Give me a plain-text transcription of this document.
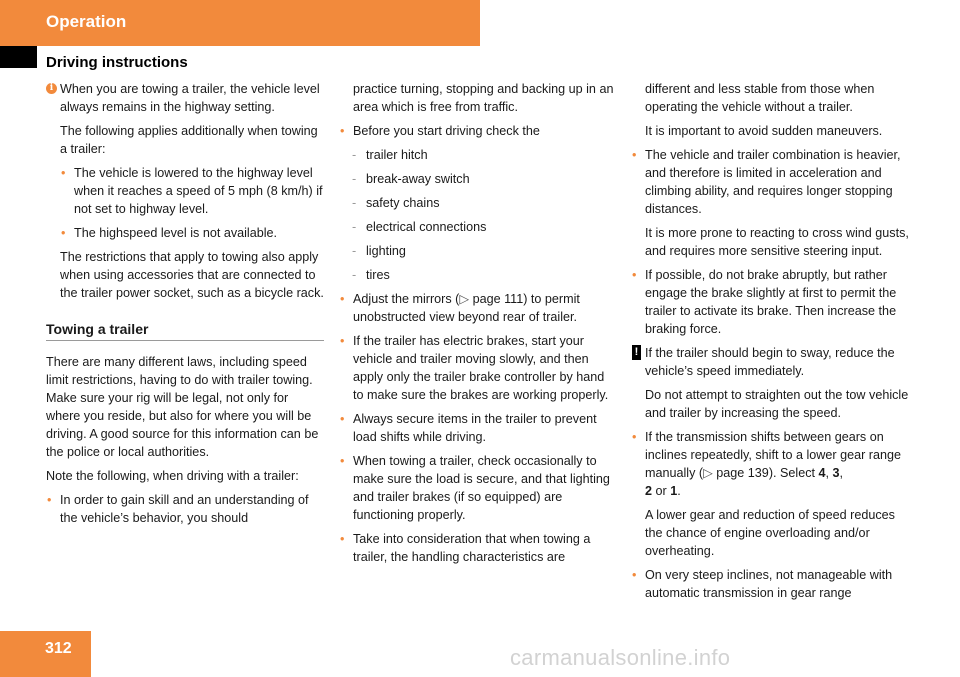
Operation
Driving instructions
i When you are towing a trailer, the vehicle level always remains in the highway setting.

The following applies additionally when towing a trailer:

• The vehicle is lowered to the highway level when it reaches a speed of 5 mph (8 km/h) if not set to highway level.
• The highspeed level is not available.

The restrictions that apply to towing also apply when using accessories that are connected to the trailer power socket, such as a bicycle rack.

Towing a trailer

There are many different laws, including speed limit restrictions, having to do with trailer towing. Make sure your rig will be legal, not only for where you reside, but also for where you will be driving. A good source for this information can be the police or local authorities.

Note the following, when driving with a trailer:

• In order to gain skill and an understanding of the vehicle’s behavior, you should

practice turning, stopping and backing up in an area which is free from traffic.

• Before you start driving check the
- trailer hitch
- break-away switch
- safety chains
- electrical connections
- lighting
- tires
• Adjust the mirrors (▷ page 111) to permit unobstructed view beyond rear of trailer.
• If the trailer has electric brakes, start your vehicle and trailer moving slowly, and then apply only the trailer brake controller by hand to make sure the brakes are working properly.
• Always secure items in the trailer to prevent load shifts while driving.
• When towing a trailer, check occasionally to make sure the load is secure, and that lighting and trailer brakes (if so equipped) are functioning properly.
• Take into consideration that when towing a trailer, the handling characteristics are

different and less stable from those when operating the vehicle without a trailer.

It is important to avoid sudden maneuvers.

• The vehicle and trailer combination is heavier, and therefore is limited in acceleration and climbing ability, and requires longer stopping distances.

It is more prone to reacting to cross wind gusts, and requires more sensitive steering input.

• If possible, do not brake abruptly, but rather engage the brake slightly at first to permit the trailer to activate its brake. Then increase the braking force.
! If the trailer should begin to sway, reduce the vehicle’s speed immediately.

Do not attempt to straighten out the tow vehicle and trailer by increasing the speed.

• If the transmission shifts between gears on inclines repeatedly, shift to a lower gear range manually (▷ page 139). Select 4, 3,
2 or 1.

A lower gear and reduction of speed reduces the chance of engine overloading and/or overheating.

• On very steep inclines, not manageable with automatic transmission in gear range
312	carmanualsonline.info
